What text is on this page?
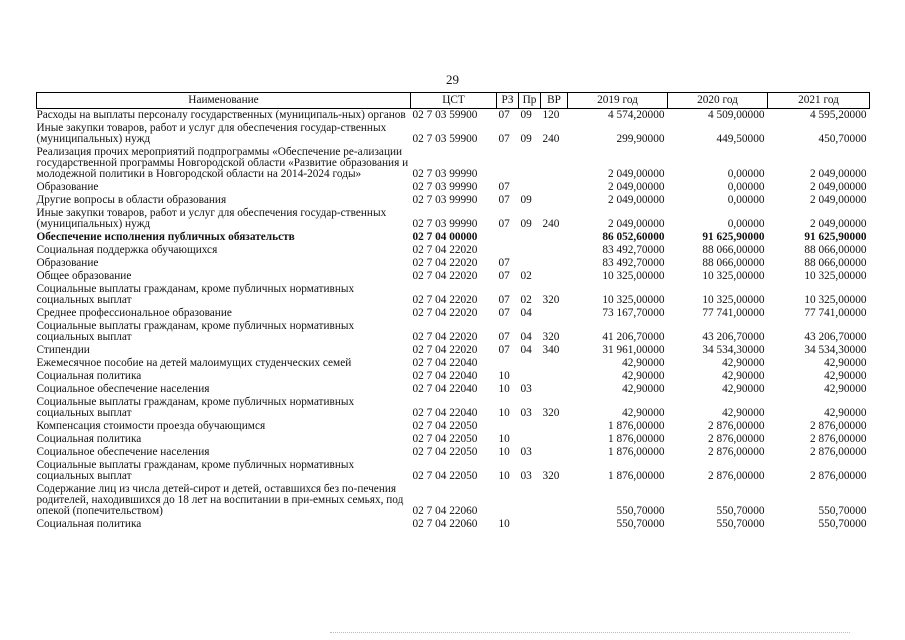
29
Наименование	ЦСТ	РЗ	Пр	ВР	2019 год	2020 год	2021 год
Расходы на выплаты персоналу государственных (муниципаль-ных) органов	02 7 03 59900	07	09	120	4 574,20000	4 509,00000	4 595,20000
Иные закупки товаров, работ и услуг для обеспечения государ-ственных (муниципальных) нужд	02 7 03 59900	07	09	240	299,90000	449,50000	450,70000
Реализация прочих мероприятий подпрограммы «Обеспечение ре-ализации государственной программы Новгородской области «Развитие образования и молодежной политики в Новгородской области на 2014-2024 годы»	02 7 03 99990				2 049,00000	0,00000	2 049,00000
Образование	02 7 03 99990	07			2 049,00000	0,00000	2 049,00000
Другие вопросы в области образования	02 7 03 99990	07	09		2 049,00000	0,00000	2 049,00000
Иные закупки товаров, работ и услуг для обеспечения государ-ственных (муниципальных) нужд	02 7 03 99990	07	09	240	2 049,00000	0,00000	2 049,00000
Обеспечение исполнения публичных обязательств	02 7 04 00000				86 052,60000	91 625,90000	91 625,90000
Социальная поддержка обучающихся	02 7 04 22020				83 492,70000	88 066,00000	88 066,00000
Образование	02 7 04 22020	07			83 492,70000	88 066,00000	88 066,00000
Общее образование	02 7 04 22020	07	02		10 325,00000	10 325,00000	10 325,00000
Социальные выплаты гражданам, кроме публичных нормативных социальных выплат	02 7 04 22020	07	02	320	10 325,00000	10 325,00000	10 325,00000
Среднее профессиональное образование	02 7 04 22020	07	04		73 167,70000	77 741,00000	77 741,00000
Социальные выплаты гражданам, кроме публичных нормативных социальных выплат	02 7 04 22020	07	04	320	41 206,70000	43 206,70000	43 206,70000
Стипендии	02 7 04 22020	07	04	340	31 961,00000	34 534,30000	34 534,30000
Ежемесячное пособие на детей малоимущих студенческих семей	02 7 04 22040				42,90000	42,90000	42,90000
Социальная политика	02 7 04 22040	10			42,90000	42,90000	42,90000
Социальное обеспечение населения	02 7 04 22040	10	03		42,90000	42,90000	42,90000
Социальные выплаты гражданам, кроме публичных нормативных социальных выплат	02 7 04 22040	10	03	320	42,90000	42,90000	42,90000
Компенсация стоимости проезда обучающимся	02 7 04 22050				1 876,00000	2 876,00000	2 876,00000
Социальная политика	02 7 04 22050	10			1 876,00000	2 876,00000	2 876,00000
Социальное обеспечение населения	02 7 04 22050	10	03		1 876,00000	2 876,00000	2 876,00000
Социальные выплаты гражданам, кроме публичных нормативных социальных выплат	02 7 04 22050	10	03	320	1 876,00000	2 876,00000	2 876,00000
Содержание лиц из числа детей-сирот и детей, оставшихся без по-печения родителей, находившихся до 18 лет на воспитании в при-емных семьях, под опекой (попечительством)	02 7 04 22060				550,70000	550,70000	550,70000
Социальная политика	02 7 04 22060	10			550,70000	550,70000	550,70000
